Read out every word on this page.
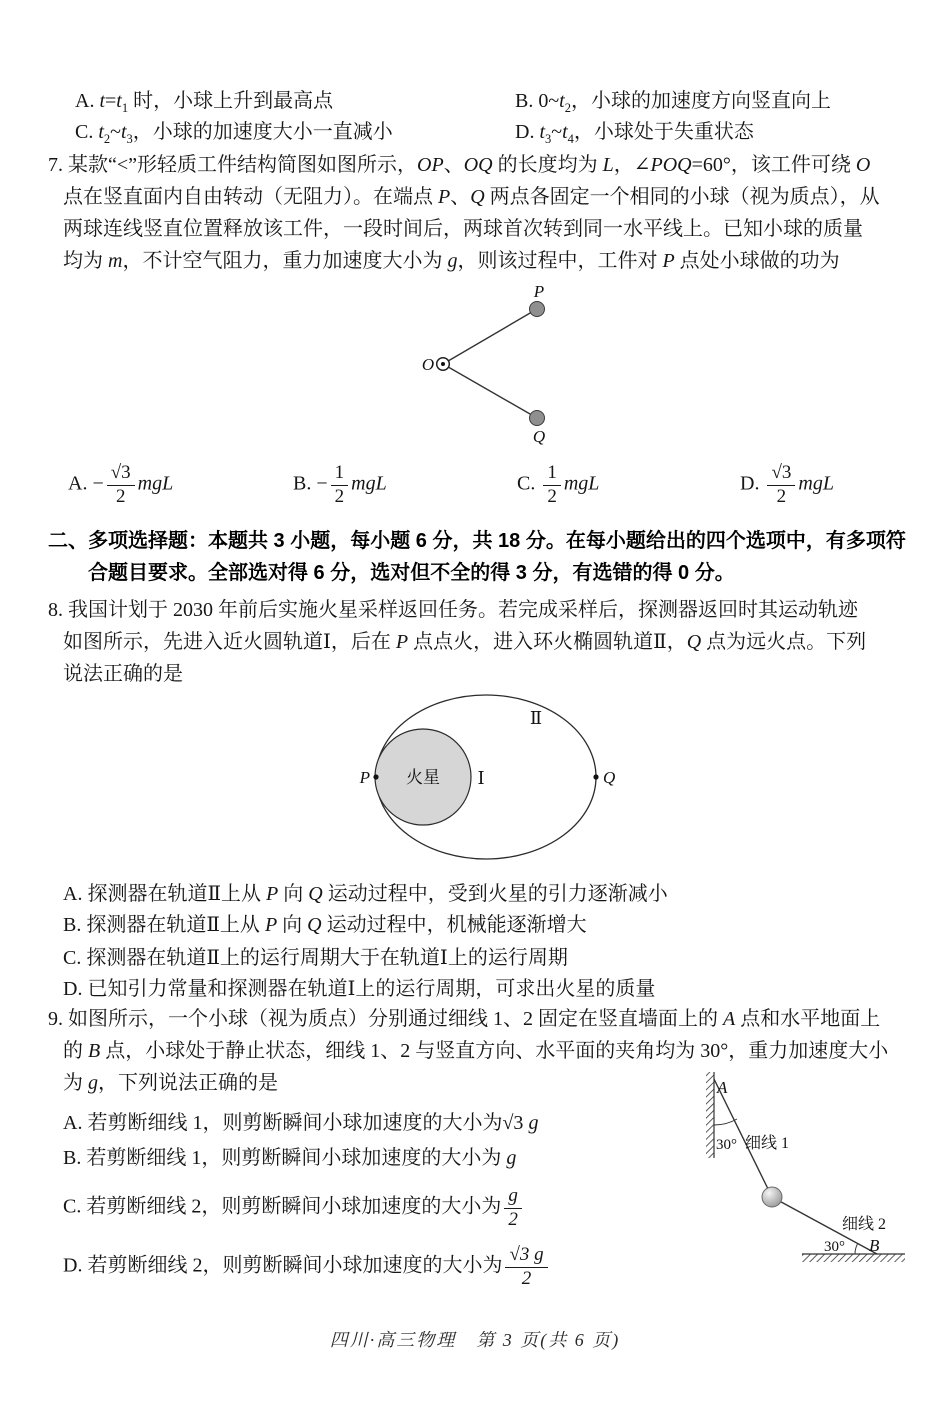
A. $t=t_1$ 时，小球上升到最高点	B. $0\sim t_2$，小球的加速度方向竖直向上
C. $t_2\sim t_3$，小球的加速度大小一直减小	D. $t_3\sim t_4$，小球处于失重状态
7. 某款“<”形轻质工件结构简图如图所示，OP、OQ 的长度均为 L，∠POQ=60°，该工件可绕 O
点在竖直面内自由转动（无阻力）。在端点 P、Q 两点各固定一个相同的小球（视为质点），从
两球连线竖直位置释放该工件，一段时间后，两球首次转到同一水平线上。已知小球的质量
均为 m，不计空气阻力，重力加速度大小为 g，则该过程中，工件对 P 点处小球做的功为
P
Q
O
A. − $\frac{√3}{2}$ mgL	B. − $\frac{1}{2}$ mgL	C. $\frac{1}{2}$ mgL	D. $\frac{√3}{2}$ mgL
二、多项选择题：本题共 3 小题，每小题 6 分，共 18 分。在每小题给出的四个选项中，有多项符
合题目要求。全部选对得 6 分，选对但不全的得 3 分，有选错的得 0 分。
8. 我国计划于 2030 年前后实施火星采样返回任务。若完成采样后，探测器返回时其运动轨迹
如图所示，先进入近火圆轨道Ⅰ，后在 P 点点火，进入环火椭圆轨道Ⅱ，Q 点为远火点。下列
说法正确的是
P	Q
火星 Ⅰ
Ⅱ
A. 探测器在轨道Ⅱ上从 P 向 Q 运动过程中，受到火星的引力逐渐减小
B. 探测器在轨道Ⅱ上从 P 向 Q 运动过程中，机械能逐渐增大
C. 探测器在轨道Ⅱ上的运行周期大于在轨道Ⅰ上的运行周期
D. 已知引力常量和探测器在轨道Ⅰ上的运行周期，可求出火星的质量
9. 如图所示，一个小球（视为质点）分别通过细线 1、2 固定在竖直墙面上的 A 点和水平地面上
的 B 点，小球处于静止状态，细线 1、2 与竖直方向、水平面的夹角均为 30°，重力加速度大小
为 g，下列说法正确的是
A. 若剪断细线 1，则剪断瞬间小球加速度的大小为√3 g
B. 若剪断细线 1，则剪断瞬间小球加速度的大小为 g
C. 若剪断细线 2，则剪断瞬间小球加速度的大小为 $\frac{g}{2}$
D. 若剪断细线 2，则剪断瞬间小球加速度的大小为 $\frac{√3 g}{2}$
A
30° 细线 1
细线 2
30° B
四川·高三物理　第 3 页(共 6 页)
